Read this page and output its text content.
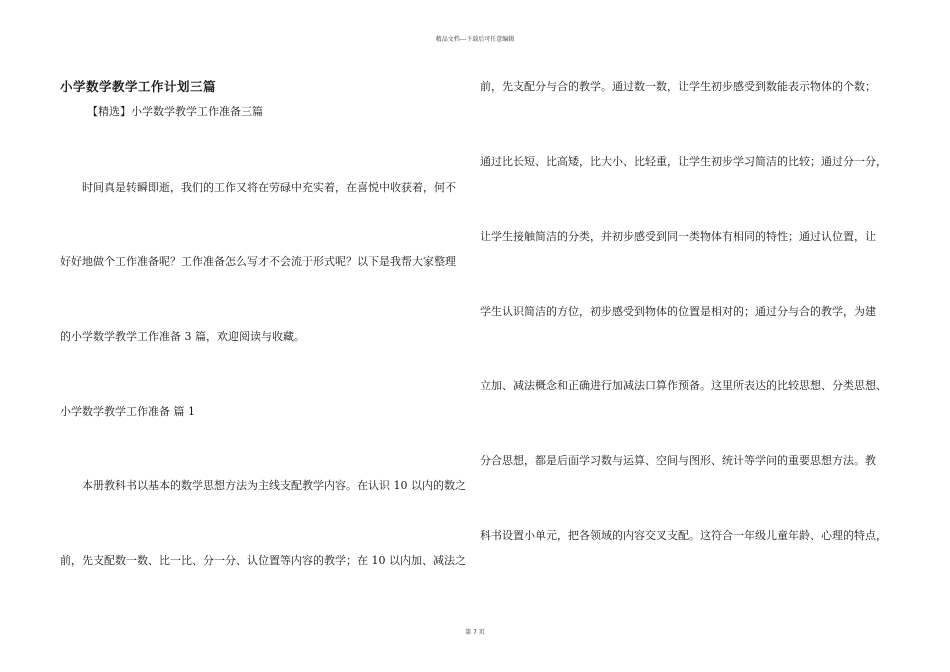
精品文档---下载后可任意编辑
小学数学教学工作计划三篇
【精选】小学数学教学工作准备三篇
时间真是转瞬即逝，我们的工作又将在劳碌中充实着，在喜悦中收获着，何不
好好地做个工作准备呢？工作准备怎么写才不会流于形式呢？以下是我帮大家整理
的小学数学教学工作准备 3 篇，欢迎阅读与收藏。
小学数学教学工作准备 篇 1
本册教科书以基本的数学思想方法为主线支配教学内容。在认识 10 以内的数之
前，先支配数一数、比一比、分一分、认位置等内容的教学；在 10 以内加、减法之
前，先支配分与合的教学。通过数一数，让学生初步感受到数能表示物体的个数；
通过比长短、比高矮，比大小、比轻重，让学生初步学习简洁的比较；通过分一分，
让学生接触简洁的分类，并初步感受到同一类物体有相同的特性；通过认位置，让
学生认识简洁的方位，初步感受到物体的位置是相对的；通过分与合的教学，为建
立加、减法概念和正确进行加减法口算作预备。这里所表达的比较思想、分类思想、
分合思想，都是后面学习数与运算、空间与图形、统计等学问的重要思想方法。教
科书设置小单元，把各领域的内容交叉支配。这符合一年级儿童年龄、心理的特点，
第 7 页
